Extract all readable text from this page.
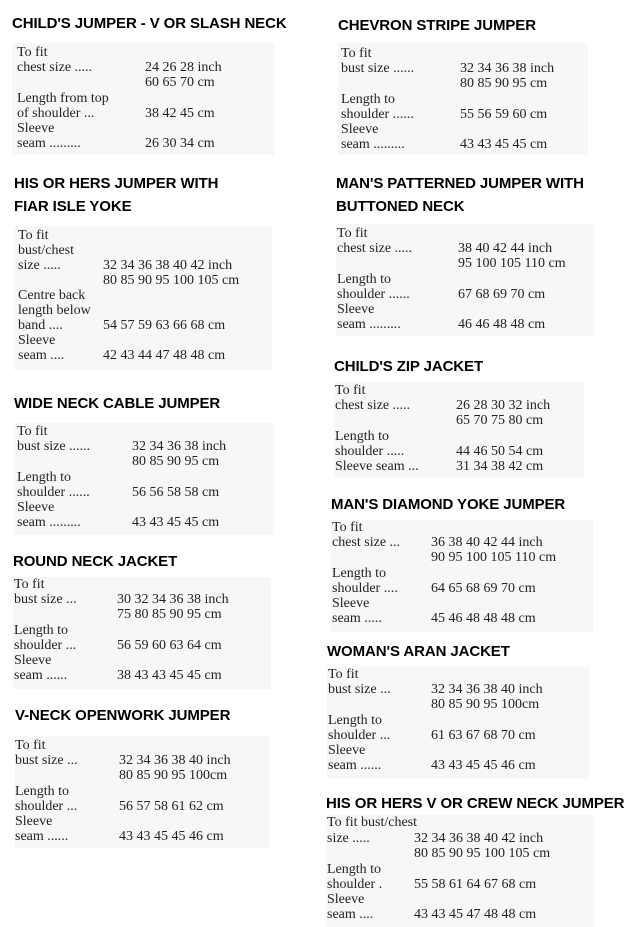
CHILD'S JUMPER - V OR SLASH NECK
To fit
chest size .....	24 26 28 inch
60 65 70 cm
Length from top
of shoulder ...	38 42 45 cm
Sleeve
seam .........	26 30 34 cm
CHEVRON STRIPE JUMPER
To fit
bust size ......	32 34 36 38 inch
80 85 90 95 cm
Length to
shoulder ......	55 56 59 60 cm
Sleeve
seam .........	43 43 45 45 cm
HIS OR HERS JUMPER WITH
FIAR ISLE YOKE
To fit
bust/chest
size .....	32 34 36 38 40 42 inch
80 85 90 95 100 105 cm
Centre back
length below
band ....	54 57 59 63 66 68 cm
Sleeve
seam ....	42 43 44 47 48 48 cm
MAN'S PATTERNED JUMPER WITH
BUTTONED NECK
To fit
chest size .....	38 40 42 44 inch
95 100 105 110 cm
Length to
shoulder ......	67 68 69 70 cm
Sleeve
seam .........	46 46 48 48 cm
WIDE NECK CABLE JUMPER
To fit
bust size ......	32 34 36 38 inch
80 85 90 95 cm
Length to
shoulder ......	56 56 58 58 cm
Sleeve
seam .........	43 43 45 45 cm
CHILD'S ZIP JACKET
To fit
chest size .....	26 28 30 32 inch
65 70 75 80 cm
Length to
shoulder .....	44 46 50 54 cm
Sleeve seam ...	31 34 38 42 cm
ROUND NECK JACKET
To fit
bust size ...	30 32 34 36 38 inch
75 80 85 90 95 cm
Length to
shoulder ...	56 59 60 63 64 cm
Sleeve
seam ......	38 43 43 45 45 cm
MAN'S DIAMOND YOKE JUMPER
To fit
chest size ... 36 38 40 42 44 inch
90 95 100 105 110 cm
Length to
shoulder .... 64 65 68 69 70 cm
Sleeve
seam .....	45 46 48 48 48 cm
V-NECK OPENWORK JUMPER
To fit
bust size ...	32 34 36 38 40 inch
80 85 90 95 100cm
Length to
shoulder ...	56 57 58 61 62 cm
Sleeve
seam ......	43 43 45 45 46 cm
WOMAN'S ARAN JACKET
To fit
bust size ...	32 34 36 38 40 inch
80 85 90 95 100cm
Length to
shoulder ...	61 63 67 68 70 cm
Sleeve
seam ......	43 43 45 45 46 cm
HIS OR HERS V OR CREW NECK JUMPER
To fit bust/chest
size .....	32 34 36 38 40 42 inch
80 85 90 95 100 105 cm
Length to
shoulder . 55 58 61 64 67 68 cm
Sleeve
seam ....	43 43 45 47 48 48 cm
